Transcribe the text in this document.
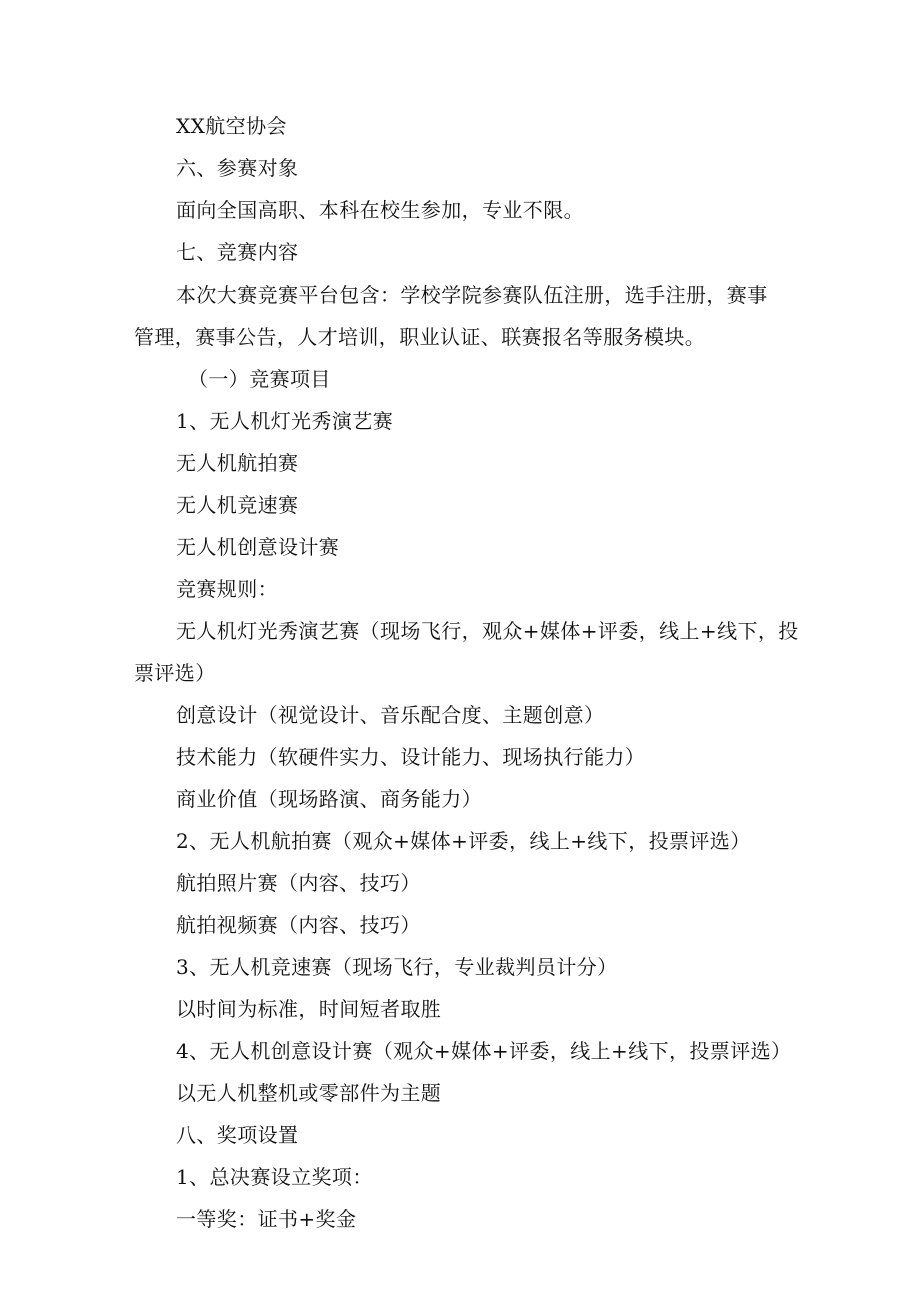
XX航空协会
六、参赛对象
面向全国高职、本科在校生参加，专业不限。
七、竞赛内容
本次大赛竞赛平台包含：学校学院参赛队伍注册，选手注册，赛事
管理，赛事公告，人才培训，职业认证、联赛报名等服务模块。
（一）竞赛项目
1、无人机灯光秀演艺赛
无人机航拍赛
无人机竞速赛
无人机创意设计赛
竞赛规则：
无人机灯光秀演艺赛（现场飞行，观众+媒体+评委，线上+线下，投
票评选）
创意设计（视觉设计、音乐配合度、主题创意）
技术能力（软硬件实力、设计能力、现场执行能力）
商业价值（现场路演、商务能力）
2、无人机航拍赛（观众+媒体+评委，线上+线下，投票评选）
航拍照片赛（内容、技巧）
航拍视频赛（内容、技巧）
3、无人机竞速赛（现场飞行，专业裁判员计分）
以时间为标准，时间短者取胜
4、无人机创意设计赛（观众+媒体+评委，线上+线下，投票评选）
以无人机整机或零部件为主题
八、奖项设置
1、总决赛设立奖项：
一等奖：证书+奖金
